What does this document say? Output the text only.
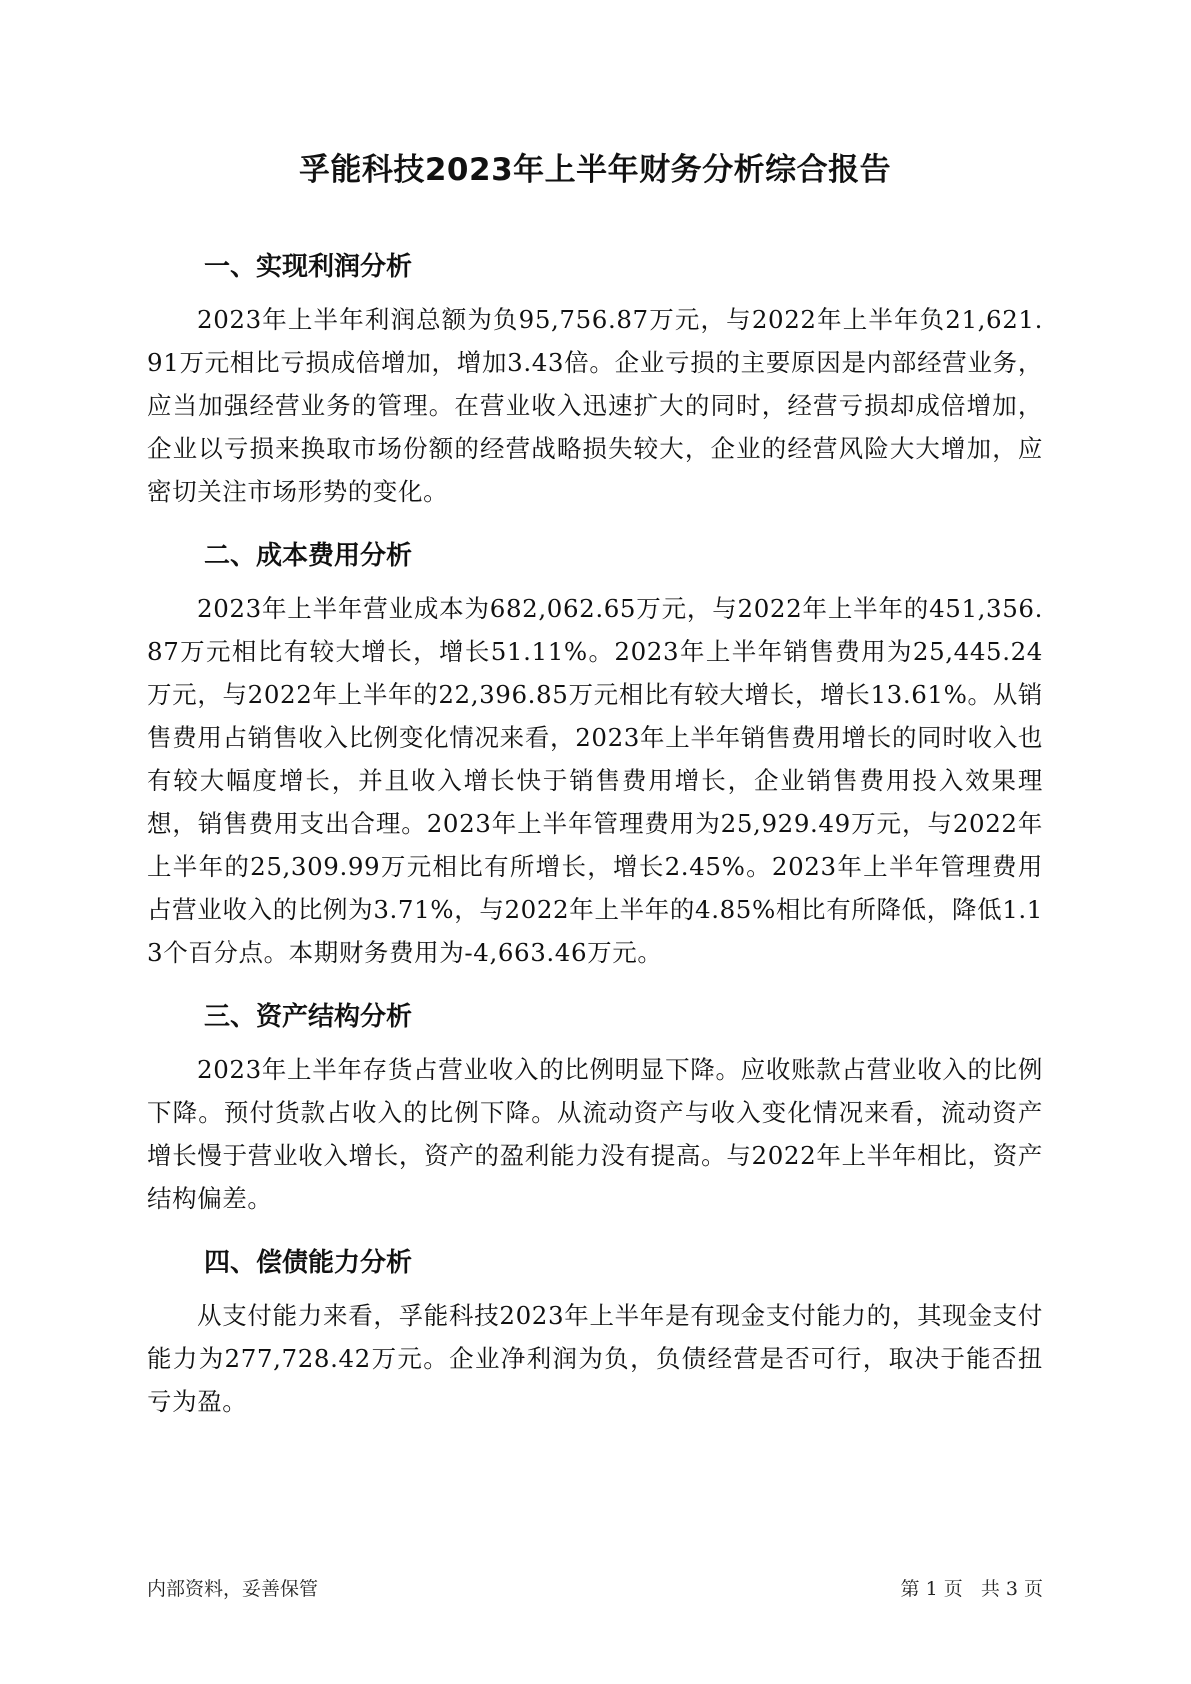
孚能科技2023年上半年财务分析综合报告
一、实现利润分析

2023年上半年利润总额为负95,756.87万元，与2022年上半年负21,621.91万元相比亏损成倍增加，增加3.43倍。企业亏损的主要原因是内部经营业务，应当加强经营业务的管理。在营业收入迅速扩大的同时，经营亏损却成倍增加，企业以亏损来换取市场份额的经营战略损失较大，企业的经营风险大大增加，应密切关注市场形势的变化。

二、成本费用分析

2023年上半年营业成本为682,062.65万元，与2022年上半年的451,356.87万元相比有较大增长，增长51.11%。2023年上半年销售费用为25,445.24万元，与2022年上半年的22,396.85万元相比有较大增长，增长13.61%。从销售费用占销售收入比例变化情况来看，2023年上半年销售费用增长的同时收入也有较大幅度增长，并且收入增长快于销售费用增长，企业销售费用投入效果理想，销售费用支出合理。2023年上半年管理费用为25,929.49万元，与2022年上半年的25,309.99万元相比有所增长，增长2.45%。2023年上半年管理费用占营业收入的比例为3.71%，与2022年上半年的4.85%相比有所降低，降低1.13个百分点。本期财务费用为-4,663.46万元。

三、资产结构分析

2023年上半年存货占营业收入的比例明显下降。应收账款占营业收入的比例下降。预付货款占收入的比例下降。从流动资产与收入变化情况来看，流动资产增长慢于营业收入增长，资产的盈利能力没有提高。与2022年上半年相比，资产结构偏差。

四、偿债能力分析

从支付能力来看，孚能科技2023年上半年是有现金支付能力的，其现金支付能力为277,728.42万元。企业净利润为负，负债经营是否可行，取决于能否扭亏为盈。

内部资料，妥善保管	第 1 页   共 3 页
